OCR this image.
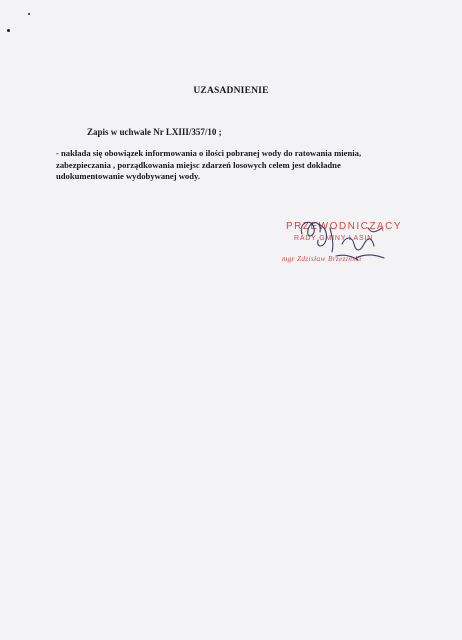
UZASADNIENIE
Zapis w uchwale Nr LXIII/357/10 ;
- nakłada się obowiązek informowania o ilości pobranej wody do ratowania mienia,
zabezpieczania , porządkowania miejsc zdarzeń losowych celem jest dokładne
udokumentowanie wydobywanej wody.
PRZEWODNICZĄCY
RADY GMINY ŁASIN
mgr Zdzisław Brzeziński
